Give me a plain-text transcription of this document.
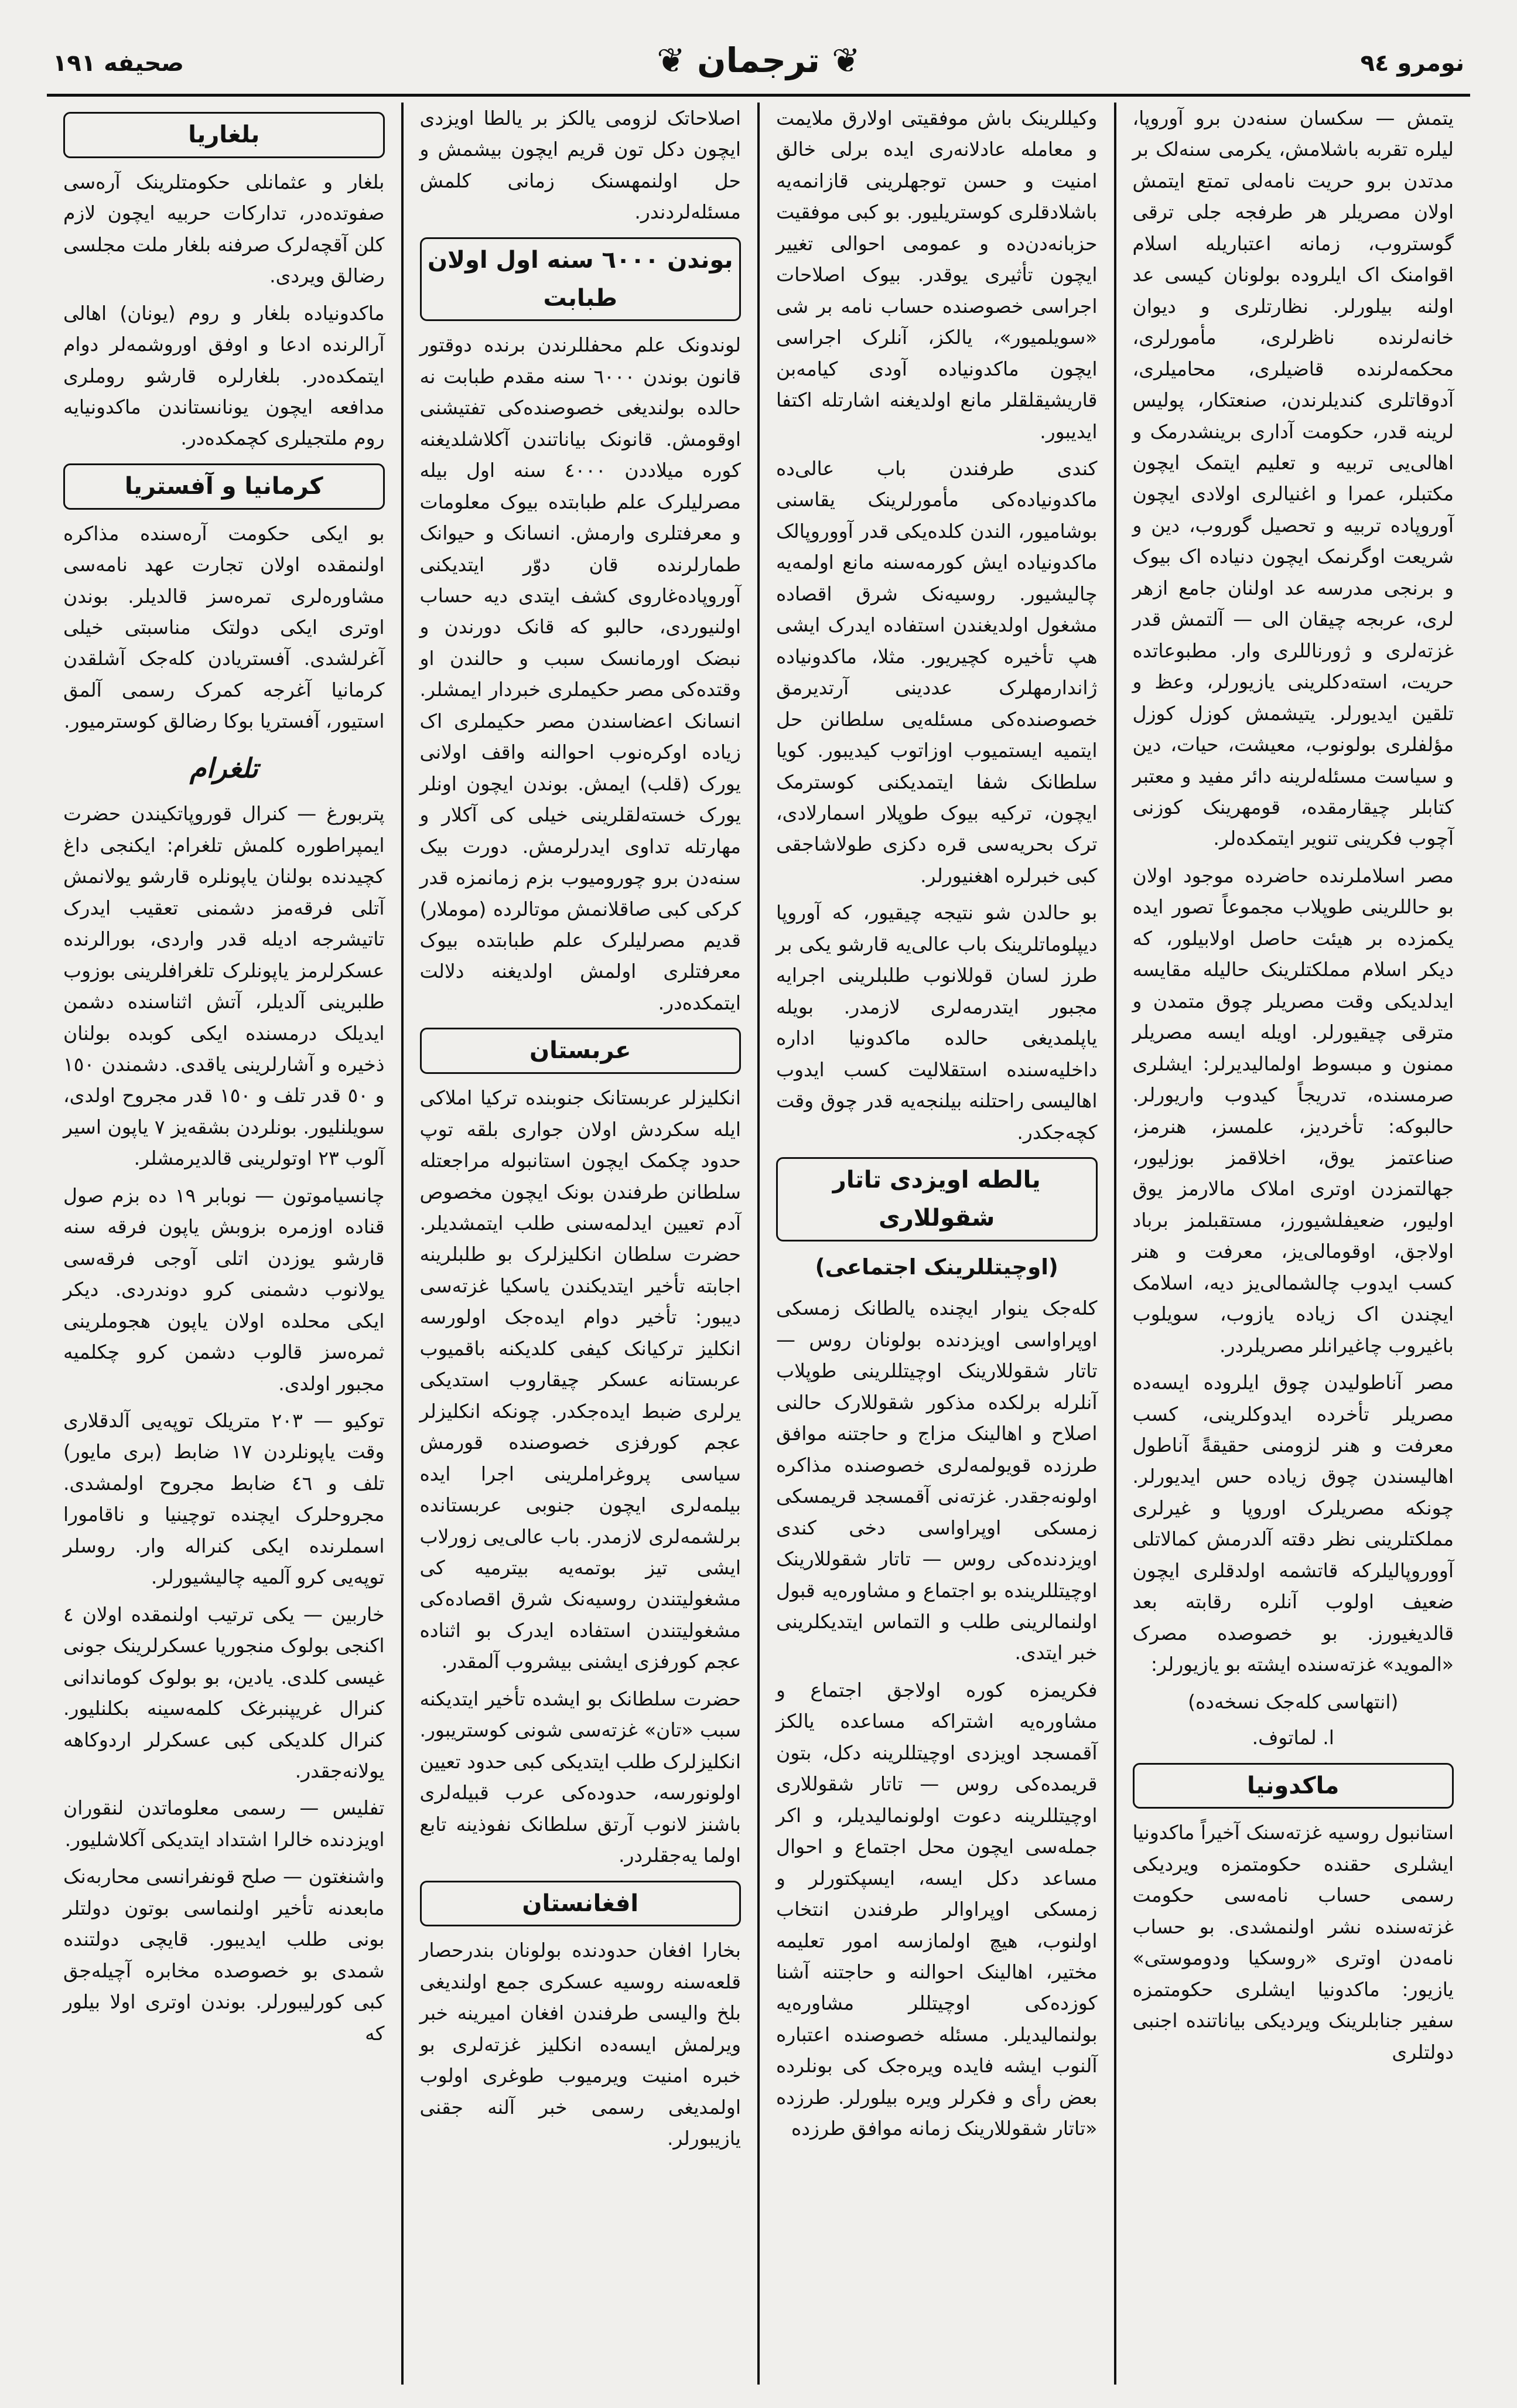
نومرو ٩٤
❦ ترجمان ❦
صحیفه ١٩١

یتمش — سکسان سنه‌دن برو آوروپا، لیلره تقربه باشلامش، یکرمی سنه‌لک بر مدتدن برو حریت نامه‌لی تمتع ایتمش اولان مصریلر هر طرفجه جلی ترقی گوستروب، زمانه اعتباریله اسلام اقوامنک اک ایلروده بولونان کیسی عد اولنه بیلورلر. نظارتلری و دیوان خانه‌لرنده ناظرلری، مأمورلری، محکمه‌لرنده قاضیلری، محامیلری، آدوقاتلری کندیلرندن، صنعتکار، پولیس لرینه قدر، حکومت آداری برینشدرمک و اهالی‌یی تربیه و تعلیم ایتمک ایچون مکتبلر، عمرا و اغنیالری اولادی ایچون آوروپاده تربیه و تحصیل گوروب، دین و شریعت اوگرنمک ایچون دنیاده اک بیوک و برنجی مدرسه عد اولنان جامع ازهر لری، عربجه چیقان الی — آلتمش قدر غزته‌لری و ژورناللری وار. مطبوعاتده حریت، استه‌دکلرینی یازیورلر، وعظ و تلقین ایدیورلر. یتیشمش کوزل کوزل مؤلفلری بولونوب، معیشت، حیات، دین و سیاست مسئله‌لرینه دائر مفید و معتبر کتابلر چیقارمقده، قومهرینک کوزنی آچوب فکرینی تنویر ایتمکده‌لر.

مصر اسلاملرنده حاضرده موجود اولان بو حاللرینی طوپلاب مجموعاً تصور ایده یکمزده بر هیئت حاصل اولابیلور، که دیکر اسلام مملکتلرینک حالیله مقایسه ایدلدیکی وقت مصریلر چوق متمدن و مترقی چیقیورلر. اویله ایسه مصریلر ممنون و مبسوط اولمالیدیرلر: ایشلری صرمسنده، تدریجاً کیدوب واریورلر. حالبوکه: تأخردیز، علمسز، هنرمز، صناعتمز یوق، اخلاقمز بوزلیور، جهالتمزدن اوتری املاک مالارمز یوق اولیور، ضعیفلشیورز، مستقبلمز برباد اولاجق، اوقومالی‌یز، معرفت و هنر کسب ایدوب چالشمالی‌یز دیه، اسلامک ایچندن اک زیاده یازوب، سویلوب باغیروب چاغیرانلر مصریلردر.

مصر آناطولیدن چوق ایلروده ایسه‌ده مصریلر تأخرده ایدوکلرینی، کسب معرفت و هنر لزومنی حقیقةً آناطول اهالیسندن چوق زیاده حس ایدیورلر. چونکه مصریلرک اوروپا و غیرلری مملکتلرینی نظر دقته آلدرمش کمالاتلی آووروپالیلرکه قاتشمه اولدقلری ایچون ضعیف اولوب آنلره رقابته بعد قالدیغیورز. بو خصوصده مصرک «الموید» غزته‌سنده ایشته بو یازیورلر:

(انتهاسی کله‌جک نسخه‌ده)
ا. لماتوف.
ماکدونیا

استانبول روسیه غزته‌سنک آخیراً ماکدونیا ایشلری حقنده حکومتمزه ویردیکی رسمی حساب نامه‌سی حکومت غزته‌سنده نشر اولنمشدی. بو حساب نامه‌دن اوتری «روسکیا ودوموستی» یازیور: ماکدونیا ایشلری حکومتمزه سفیر جنابلرینک ویردیکی بیاناتنده اجنبی دولتلری

وکیللرینک باش موفقیتی اولارق ملایمت و معامله عادلانه‌ری ایده برلی خالق امنیت و حسن توجهلرینی قازانمه‌یه باشلادقلری کوستریلیور. بو کبی موفقیت حزبانه‌دن‌ده و عمومی احوالی تغییر ایچون تأثیری یوقدر. بیوک اصلاحات اجراسی خصوصنده حساب نامه بر شی «سویلمیور»، یالکز، آنلرک اجراسی ایچون ماکدونیاده آودی کیامه‌بن قاریشیقلقلر مانع اولدیغنه اشارتله اکتفا ایدیبور.

کندی طرفندن باب عالی‌ده ماکدونیاده‌کی مأمورلرینک یقاسنی بوشامیور، الندن کلده‌یکی قدر آووروپالک ماکدونیاده ایش کورمه‌سنه مانع اولمه‌یه چالیشیور. روسیه‌نک شرق اقصاده مشغول اولدیغندن استفاده ایدرک ایشی هپ تأخیره کچیریور. مثلا، ماکدونیاده ژاندارمهلرک عددینی آرتدیرمق خصوصنده‌کی مسئله‌یی سلطانن حل ایتمیه ایستمیوب اوزاتوب کیدیبور. کویا سلطانک شفا ایتمدیکنی کوسترمک ایچون، ترکیه بیوک طوپلار اسمارلادی، ترک بحریه‌سی قره دکزی طولاشاجقی کبی خبرلره اهغنیورلر.

بو حالدن شو نتیجه چیقیور، که آوروپا دیپلوماتلرینک باب عالی‌یه قارشو یکی بر طرز لسان قوللانوب طلبلرینی اجرایه مجبور ایتدرمه‌لری لازمدر. بویله یاپلمدیغی حالده ماکدونیا اداره داخلیه‌سنده استقلالیت کسب ایدوب اهالیسی راحتلنه بیلنجه‌یه قدر چوق وقت کچه‌جکدر.

یالطه اویزدی تاتار شقوللاری
(اوچیتللرینک اجتماعی)

کله‌جک ینوار ایچنده یالطانک زمسکی اوپراواسی اویزدنده بولونان روس — تاتار شقوللارینک اوچیتللرینی طوپلاب آنلرله برلکده مذکور شقوللارک حالنی اصلاح و اهالینک مزاج و حاجتنه موافق طرزده قویولمه‌لری خصوصنده مذاکره اولونه‌جقدر. غزته‌نی آقمسجد قریمسکی زمسکی اوپراواسی دخی کندی اویزدنده‌کی روس — تاتار شقوللارینک اوچیتللرینده بو اجتماع و مشاوره‌یه قبول اولنمالرینی طلب و التماس ایتدیکلرینی خبر ایتدی.

فکریمزه کوره اولاجق اجتماع و مشاوره‌یه اشتراکه مساعده یالکز آقمسجد اویزدی اوچیتللرینه دکل، بتون قریمده‌کی روس — تاتار شقوللاری اوچیتللرینه دعوت اولونمالیدیلر، و اکر جمله‌سی ایچون محل اجتماع و احوال مساعد دکل ایسه، ایسپکتورلر و زمسکی اوپراوالر طرفندن انتخاب اولنوب، هیچ اولمازسه امور تعلیمه مختیر، اهالینک احوالنه و حاجتنه آشنا کوزده‌کی اوچیتللر مشاوره‌یه بولنمالیدیلر. مسئله خصوصنده اعتباره آلنوب ایشه فایده ویره‌جک کی بونلرده بعض رأی و فکرلر ویره بیلورلر. طرزده «تاتار شقوللارینک زمانه موافق طرزده

اصلاحاتک لزومی یالکز بر یالطا اویزدی ایچون دکل تون قریم ایچون بیشمش و حل اولنمهسنک زمانی کلمش مسئله‌لردندر.

بوندن ٦٠٠٠ سنه اول اولان طبابت

لوندونک علم محفللرندن برنده دوقتور قانون بوندن ٦٠٠٠ سنه مقدم طبابت نه حالده بولندیغی خصوصنده‌کی تفتیشنی اوقومش. قانونک بیاناتندن آکلاشلدیغنه کوره میلاددن ٤٠٠٠ سنه اول بیله مصرلیلرک علم طبابتده بیوک معلومات و معرفتلری وارمش. انسانک و حیوانک طمارلرنده قان دوّر ایتدیکنی آوروپاده‌غاروی کشف ایتدی دیه حساب اولنیوردی، حالبو که قانک دورندن و نبضک اورمانسک سبب و حالندن او وقتده‌کی مصر حکیملری خبردار ایمشلر. انسانک اعضاسندن مصر حکیملری اک زیاده اوکره‌نوب احوالنه واقف اولانی یورک (قلب) ایمش. بوندن ایچون اونلر یورک خسته‌لقلرینی خیلی کی آکلار و مهارتله تداوی ایدرلرمش. دورت بیک سنه‌دن برو چورومیوب بزم زمانمزه قدر کرکی کبی صاقلانمش موتالرده (موملار) قدیم مصرلیلرک علم طبابتده بیوک معرفتلری اولمش اولدیغنه دلالت ایتمکده‌در.

عربستان

انکلیزلر عربستانک جنوبنده ترکیا املاکی ایله سکردش اولان جواری بلقه توپ حدود چکمک ایچون استانبوله مراجعتله سلطانن طرفندن بونک ایچون مخصوص آدم تعیین ایدلمه‌سنی طلب ایتمشدیلر. حضرت سلطان انکلیزلرک بو طلبلرینه اجابته تأخیر ایتدیکندن یاسکیا غزته‌سی دیبور: تأخیر دوام ایده‌جک اولورسه انکلیز ترکیانک کیفی کلدیکنه باقمیوب عربستانه عسکر چیقاروب استدیکی یرلری ضبط ایده‌جکدر. چونکه انکلیزلر عجم کورفزی خصوصنده قورمش سیاسی پروغراملرینی اجرا ایده بیلمه‌لری ایچون جنوبی عربستانده برلشمه‌لری لازمدر. باب عالی‌یی زورلاب ایشی تیز بوتمه‌یه بیترمیه کی مشغولیتندن روسیه‌نک شرق اقصاده‌کی مشغولیتندن استفاده ایدرک بو اثناده عجم کورفزی ایشنی بیشروب آلمقدر.

حضرت سلطانک بو ایشده تأخیر ایتدیکنه سبب «تان» غزته‌سی شونی کوستریبور. انکلیزلرک طلب ایتدیکی کبی حدود تعیین اولونورسه، حدوده‌کی عرب قبیله‌لری باشنز لانوب آرتق سلطانک نفوذینه تابع اولما یه‌جقلردر.

افغانستان

بخارا افغان حدودنده بولونان بندرحصار قلعه‌سنه روسیه عسکری جمع اولندیغی بلخ والیسی طرفندن افغان امیرینه خبر ویرلمش ایسه‌ده انکلیز غزته‌لری بو خبره امنیت ویرمیوب طوغری اولوب اولمدیغی رسمی خبر آلنه جقنی یازیبورلر.

بلغاریا

بلغار و عثمانلی حکومتلرینک آره‌سی صفوتده‌در، تدارکات حربیه ایچون لازم کلن آقچه‌لرک صرفنه بلغار ملت مجلسی رضالق ویردی.

ماکدونیاده بلغار و روم (یونان) اهالی آرالرنده ادعا و اوفق اوروشمه‌لر دوام ایتمکده‌در. بلغارلره قارشو روملری مدافعه ایچون یونانستاندن ماکدونیایه روم ملتجیلری کچمکده‌در.

کرمانیا و آفستریا

بو ایکی حکومت آره‌سنده مذاکره اولنمقده اولان تجارت عهد نامه‌سی مشاوره‌لری تمره‌سز قالدیلر. بوندن اوتری ایکی دولتک مناسبتی خیلی آغرلشدی. آفستریادن کله‌جک آشلقدن کرمانیا آغرجه کمرک رسمی آلمق استیور، آفستریا بوکا رضالق کوسترمیور.

تلغرام

پتربورغ — کنرال قوروپاتکیندن حضرت ایمپراطوره کلمش تلغرام: ایکنجی داغ کچیدنده بولنان یاپونلره قارشو یولانمش آتلی فرقه‌مز دشمنی تعقیب ایدرک تاتیشرجه ادیله قدر واردی، بورالرنده عسکرلرمز یاپونلرک تلغرافلرینی بوزوب طلبرینی آلدیلر، آتش اثناسنده دشمن ایدیلک درمسنده ایکی کوبده بولنان ذخیره و آشارلرینی یاقدی. دشمندن ١٥٠ و ٥٠ قدر تلف و ١٥٠ قدر مجروح اولدی، سویلنلیور. بونلردن بشقه‌یز ٧ یاپون اسیر آلوب ٢٣ اوتولرینی قالدیرمشلر.

چانسیاموتون — نوبابر ١٩ ده بزم صول قناده اوزمره بزوبش یاپون فرقه سنه قارشو یوزدن اتلی آوجی فرقه‌سی یولانوب دشمنی کرو دوندردی. دیکر ایکی محلده اولان یاپون هجوملرینی ثمره‌سز قالوب دشمن کرو چکلمیه مجبور اولدی.

توکیو — ٢٠٣ متریلک توپه‌یی آلدقلاری وقت یاپونلردن ١٧ ضابط (بری مایور) تلف و ٤٦ ضابط مجروح اولمشدی. مجروحلرک ایچنده توچینیا و ناقامورا اسملرنده ایکی کنراله وار. روسلر توپه‌یی کرو آلمیه چالیشیورلر.

خاربین — یکی ترتیب اولنمقده اولان ٤ اکنجی بولوک منجوریا عسکرلرینک جونی غیسی کلدی. یادین، بو بولوک کوماندانی کنرال غریپنبرغک کلمه‌سینه بکلنلیور. کنرال کلدیکی کبی عسکرلر اردوکاهه یولانه‌جقدر.

تفلیس — رسمی معلوماتدن لنقوران اویزدنده خالرا اشتداد ایتدیکی آکلاشلیور.

واشنغتون — صلح قونفرانسی محاربه‌نک مابعدنه تأخیر اولنماسی بوتون دولتلر بونی طلب ایدیبور. قایچی دولتنده شمدی بو خصوصده مخابره آچیله‌جق کبی کورلیبورلر. بوندن اوتری اولا بیلور که
